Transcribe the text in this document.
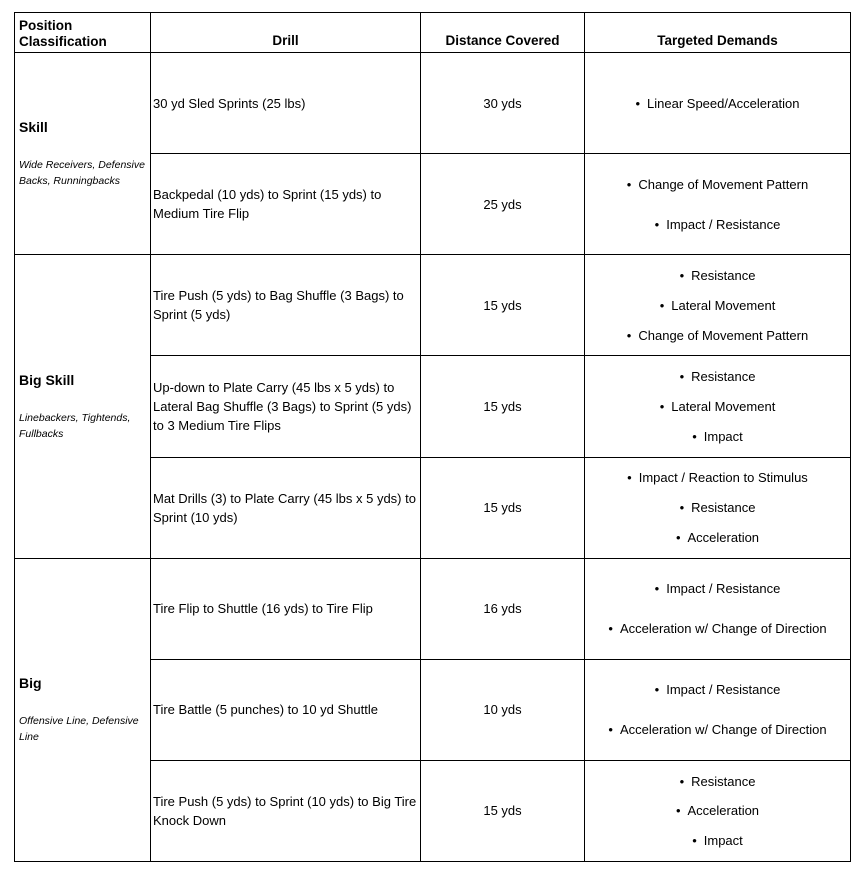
Position Classification	Drill	Distance Covered	Targeted Demands

Skill
Wide Receivers, Defensive Backs, Runningbacks	30 yd Sled Sprints (25 lbs)	30 yds	• Linear Speed/Acceleration

	Backpedal (10 yds) to Sprint (15 yds) to Medium Tire Flip	25 yds	• Change of Movement Pattern
• Impact / Resistance

Big Skill
Linebackers, Tightends, Fullbacks	Tire Push (5 yds) to Bag Shuffle (3 Bags) to Sprint (5 yds)	15 yds	• Resistance
• Lateral Movement
• Change of Movement Pattern

	Up-down to Plate Carry (45 lbs x 5 yds) to Lateral Bag Shuffle (3 Bags) to Sprint (5 yds) to 3 Medium Tire Flips	15 yds	• Resistance
• Lateral Movement
• Impact

	Mat Drills (3) to Plate Carry (45 lbs x 5 yds) to Sprint (10 yds)	15 yds	• Impact / Reaction to Stimulus
• Resistance
• Acceleration

Big
Offensive Line, Defensive Line	Tire Flip to Shuttle (16 yds) to Tire Flip	16 yds	• Impact / Resistance
• Acceleration w/ Change of Direction

	Tire Battle (5 punches) to 10 yd Shuttle	10 yds	• Impact / Resistance
• Acceleration w/ Change of Direction

	Tire Push (5 yds) to Sprint (10 yds) to Big Tire Knock Down	15 yds	• Resistance
• Acceleration
• Impact
